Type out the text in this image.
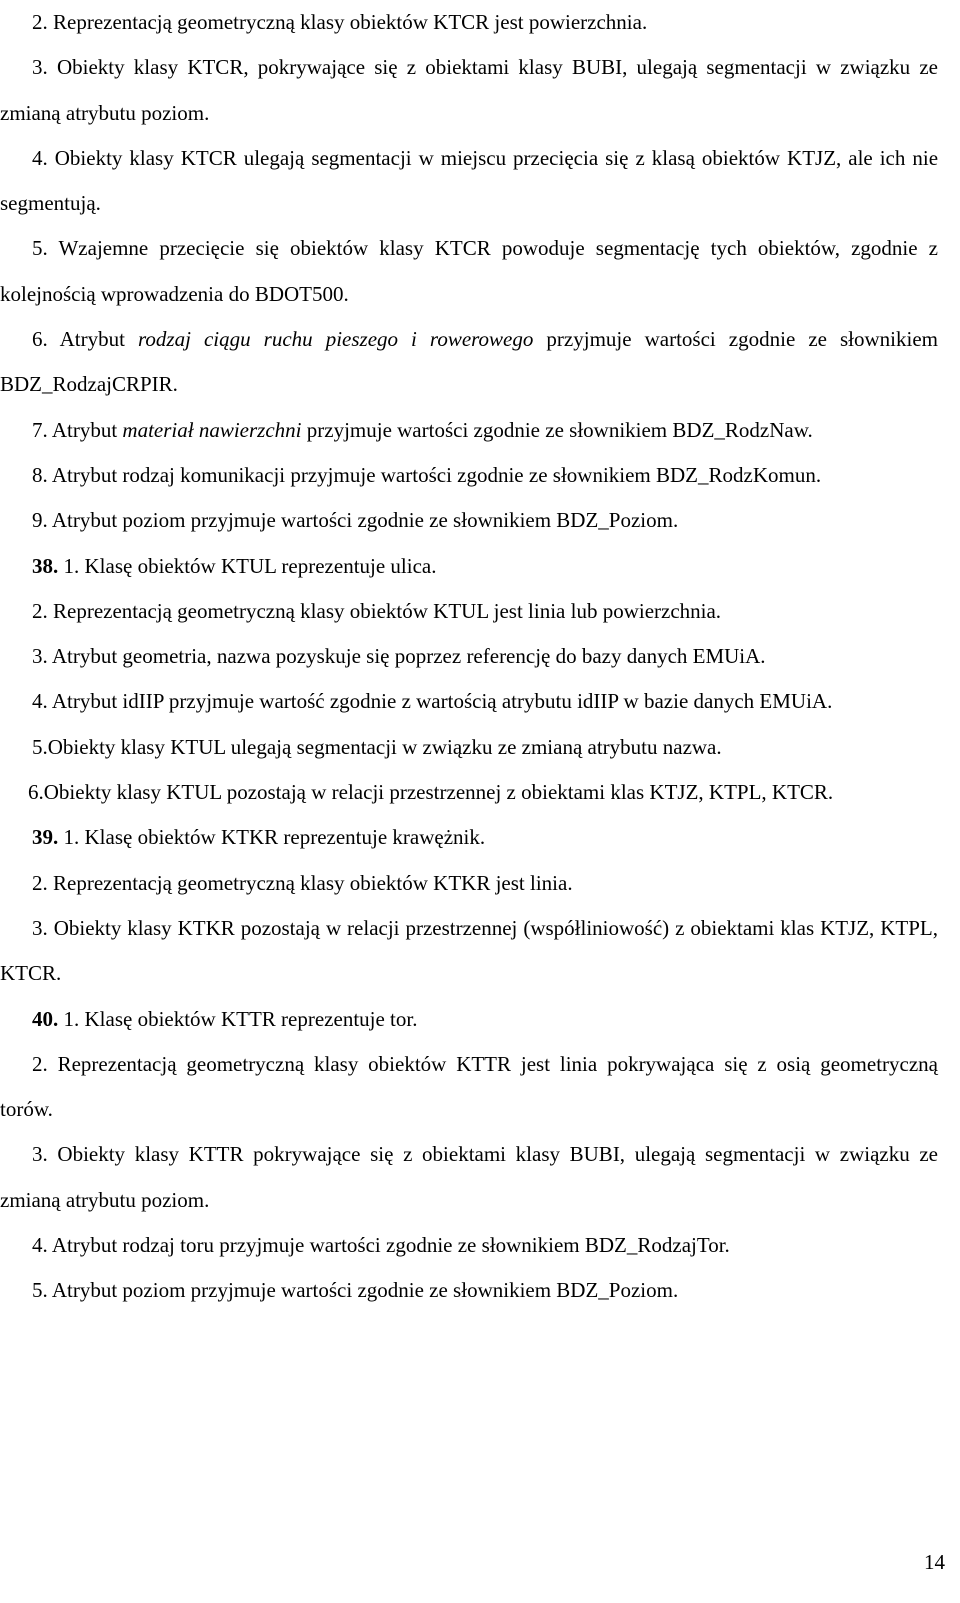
2. Reprezentacją geometryczną klasy obiektów KTCR jest powierzchnia.

3. Obiekty klasy KTCR, pokrywające się z obiektami klasy BUBI, ulegają segmentacji w związku ze zmianą atrybutu poziom.

4. Obiekty klasy KTCR ulegają segmentacji w miejscu przecięcia się z klasą obiektów KTJZ, ale ich nie segmentują.

5. Wzajemne przecięcie się obiektów klasy KTCR powoduje segmentację tych obiektów, zgodnie z kolejnością wprowadzenia do BDOT500.

6. Atrybut rodzaj ciągu ruchu pieszego i rowerowego przyjmuje wartości zgodnie ze słownikiem BDZ_RodzajCRPIR.

7. Atrybut materiał nawierzchni przyjmuje wartości zgodnie ze słownikiem BDZ_RodzNaw.

8. Atrybut rodzaj komunikacji przyjmuje wartości zgodnie ze słownikiem BDZ_RodzKomun.

9. Atrybut poziom przyjmuje wartości zgodnie ze słownikiem BDZ_Poziom.

38. 1. Klasę obiektów KTUL reprezentuje ulica.

2. Reprezentacją geometryczną klasy obiektów KTUL jest linia lub powierzchnia.

3. Atrybut geometria, nazwa pozyskuje się poprzez referencję do bazy danych EMUiA.

4. Atrybut idIIP przyjmuje wartość zgodnie z wartością atrybutu idIIP w bazie danych EMUiA.

5.Obiekty klasy KTUL ulegają segmentacji w związku ze zmianą atrybutu nazwa.

6.Obiekty klasy KTUL pozostają w relacji przestrzennej z obiektami klas KTJZ, KTPL, KTCR.

39. 1. Klasę obiektów KTKR reprezentuje krawężnik.

2. Reprezentacją geometryczną klasy obiektów KTKR jest linia.

3. Obiekty klasy KTKR pozostają w relacji przestrzennej (współliniowość) z obiektami klas KTJZ, KTPL, KTCR.

40. 1. Klasę obiektów KTTR reprezentuje tor.

2. Reprezentacją geometryczną klasy obiektów KTTR jest linia pokrywająca się z osią geometryczną torów.

3. Obiekty klasy KTTR pokrywające się z obiektami klasy BUBI, ulegają segmentacji w związku ze zmianą atrybutu poziom.

4. Atrybut rodzaj toru przyjmuje wartości zgodnie ze słownikiem BDZ_RodzajTor.

5. Atrybut poziom przyjmuje wartości zgodnie ze słownikiem BDZ_Poziom.

14
